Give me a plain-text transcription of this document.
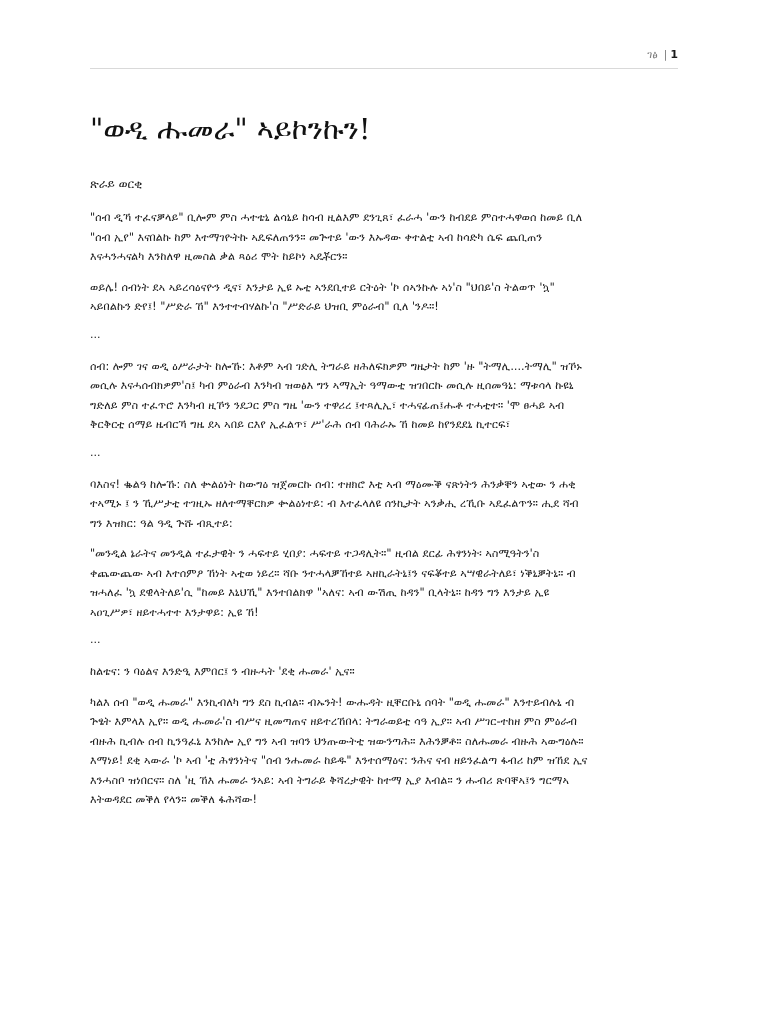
ገፅ | 1
"ወዲ ሑመራ" ኣይኮንኩን!
ጽራይ ወርቂ

"ሰብ ዲኻ ተፈናቓላይ" ቢሎም ምስ ሓተቴኒ ልሳኒይ ከሳብ ዚልእም ደንጊጸ፣ ፈራሓ 'ውን ከብደይ ምስተሓዋወሰ ከመይ ቢለ
"ሰብ ኢየ" እናበልኩ ከም እተማገዮትኩ ኣዴፍለጠንን። መጕተይ 'ውን እኡዳው ቀተልቲ ኣብ ከሳድካ ሴፍ ጨቢጠን
እናሓንሓናልካ እንከለዋ ዚመስል ቃል ጻዕሪ ሞት ከይኮነ ኣዴቾርን።

ወይሌ! ሰብነት ደኣ ኣይረሳዕናዮን ዲና፣ እንታይ ኢዩ ኡቲ ኣንደቢተይ ርትዕት 'ኮ ሰኣንኩሉ ኣነ'ስ "ህበይ'ስ ትልወጥ 'ኳ"
ኣይበልኩን ድየ፤! "ሥድራ ኸ" እንተተብሃልኩ'ስ "ሥድራይ ህዝቢ ምዕራብ" ቢለ 'ንዶ።!

...

ሰብ: ሎም ገና ወዲ ዕሥራታት ከሎኹ: እቶም ኣብ ገድሊ ትግራይ ዘሕለፍክዎም ግዜታት ከም 'ዙ "ትማሊ....ትማሊ" ዝኾኑ
መሲሉ እናሓሰብክዎም'ስ፤ ካብ ምዕራብ እንካብ ዝወፅእ ግን ኣማኢት ዓማውቲ ዝገበርኩ መሲሉ ዚሰመዓኒ: ማቱሳላ ኩዩኒ
ግድለይ ምስ ተፈጥሮ እንካብ ዚኾን ንደጋር ምስ ግዜ 'ውን ተዋሪረ ፤ተጻሊኢ፣ ተሓናፊጠ፤ሑቶ ተሓቲተ። 'ሞ ፀሓይ ኣብ
ቅርቅርቲ ሰማይ ዜብርኻ ግዜ ደኣ ኣበይ ርእየ ኢፈልጥ፣ ሥ'ራሕ ሰብ ባሕራኡ ኸ ከመይ ከየንደደኒ ኪተርፍ፣

...

ባእስና! ቈልዓ ከሎኹ: ስለ ቍልዕነት ከውግዕ ዝጀመርኩ ሰብ: ተዘክሮ እቲ ኣብ ማዕሙቕ ናጽነትን ሕንቃቐን ኣቲው ን ሐቂ
ተኣሚኑ ፤ ን ኺሥታቲ ተገዚኡ ዘለተማቐርክዎ ቍልዕነተይ: ብ እተፈላለዩ ሰንኪታት ኣንቃሒ ረኺቡ ኣዴፈልጥን። ሒደ ሻብ
ግን እዝክር: ዓል ዓዲ ጕሹ ብጺተይ:

"መንዲል ኔራትና መንዲል ተፈታዊት ን ሓፍተይ ሂበያ: ሓፍተይ ተጋዳሊት።" ዚብል ደርፊ ሕፃንነት፡ ኣስሚዓትን'ስ
ቀጨውጨው ኣብ እተሰምዖ ኸነት ኣቲወ ነይረ። ሻቡ ንተሓላቓኸተይ ኣዘኪራትኒ፤ን ናፍቖተይ ኣሣዊራትለይ፣ ነቕኒቓትኒ። ብ
ዝሓለፈ 'ኳ ደዊላትለይ'ሲ "ከመይ እኒህኺ" እንተበልክዋ "ኣለና: ኣብ ውሽጢ ከዳን" ቢላትኒ። ከዳን ግን እንታይ ኢዩ
ኣዐጊሥዎ፣ ዘይተሓተተ እንታዋይ: ኢዩ ኸ!

...

ከልቴና: ን ባዕልና እንድዒ እምበር፤ ን ብዙሓት 'ደቂ ሑመራ' ኢና።

ካልእ ሰብ "ወዲ ሑመራ" እንኪብለካ ግን ደስ ኪብል። ብኡንት! ውሑዳት ዚቐርቡኒ ሰባት "ወዲ ሑመራ" እንተይብሉኒ ብ
ጕፄት እምላእ ኢየ። ወዲ ሑመራ'ስ ብሥና ዚመጣጠና ዘይተረኸበላ: ትግራወይቲ ሳዓ ኢያ። ኣብ ሥገር-ተከዘ ምስ ምዕራብ
ብዙሕ ኪብሉ ሰብ ኪንዓፈኒ እንከሎ ኢየ ግን ኣብ ዝባን ህንጡውትቲ ዝውንጣሕ። እሕንቓቶ። ስለሑመራ ብዙሕ ኣውግዕሉ።
እማነይ! ደቂ ኣውራ 'ኮ ኣብ 'ቲ ሕፃንነትና "ሰብ ንሑመራ ከይዱ" እንተሰማዕና: ንሕና ናብ ዘይንፈልጣ ፋብሪ ከም ዝኸደ ኢና
እንሓስቦ ዝነበርና። ስለ 'ዚ ኸእ ሑመራ ንኣይ: ኣብ ትግራይ ቅሻረታዊት ከተማ ኢያ እብል። ን ሑብሪ ጽባቐኣ፤ን ግርማኣ
እትወዳደር መቕለ የላን። መቕለ ፋሕሻው!
